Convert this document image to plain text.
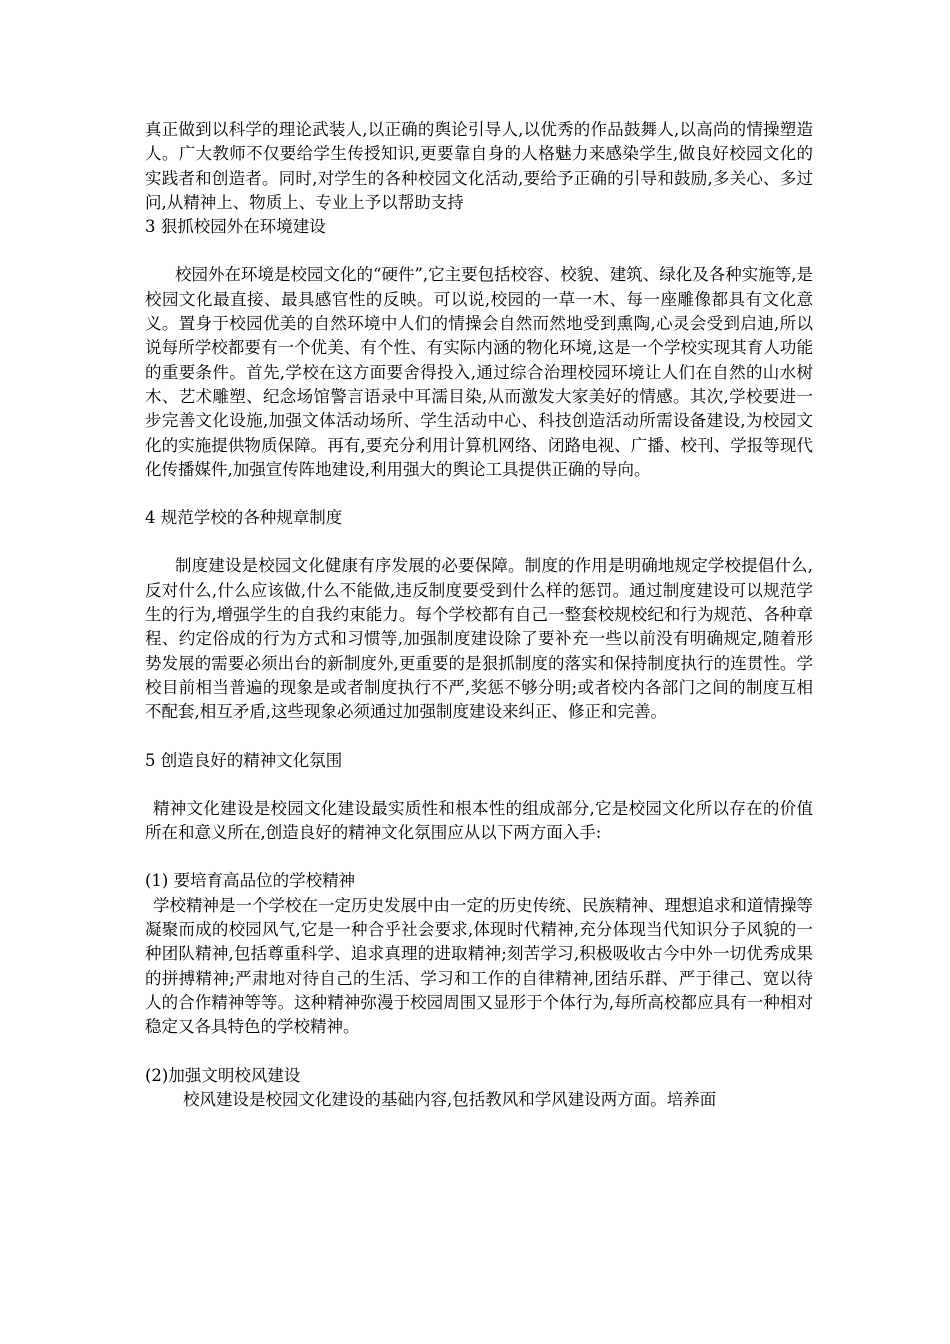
真正做到以科学的理论武装人,以正确的舆论引导人,以优秀的作品鼓舞人,以高尚的情操塑造人。广大教师不仅要给学生传授知识,更要靠自身的人格魅力来感染学生,做良好校园文化的实践者和创造者。同时,对学生的各种校园文化活动,要给予正确的引导和鼓励,多关心、多过问,从精神上、物质上、专业上予以帮助支持

3 狠抓校园外在环境建设

校园外在环境是校园文化的“硬件”,它主要包括校容、校貌、建筑、绿化及各种实施等,是校园文化最直接、最具感官性的反映。可以说,校园的一草一木、每一座雕像都具有文化意义。置身于校园优美的自然环境中人们的情操会自然而然地受到熏陶,心灵会受到启迪,所以说每所学校都要有一个优美、有个性、有实际内涵的物化环境,这是一个学校实现其育人功能的重要条件。首先,学校在这方面要舍得投入,通过综合治理校园环境让人们在自然的山水树木、艺术雕塑、纪念场馆警言语录中耳濡目染,从而激发大家美好的情感。其次,学校要进一步完善文化设施,加强文体活动场所、学生活动中心、科技创造活动所需设备建设,为校园文化的实施提供物质保障。再有,要充分利用计算机网络、闭路电视、广播、校刊、学报等现代化传播媒件,加强宣传阵地建设,利用强大的舆论工具提供正确的导向。

4 规范学校的各种规章制度

制度建设是校园文化健康有序发展的必要保障。制度的作用是明确地规定学校提倡什么,反对什么,什么应该做,什么不能做,违反制度要受到什么样的惩罚。通过制度建设可以规范学生的行为,增强学生的自我约束能力。每个学校都有自己一整套校规校纪和行为规范、各种章程、约定俗成的行为方式和习惯等,加强制度建设除了要补充一些以前没有明确规定,随着形势发展的需要必须出台的新制度外,更重要的是狠抓制度的落实和保持制度执行的连贯性。学校目前相当普遍的现象是或者制度执行不严,奖惩不够分明;或者校内各部门之间的制度互相不配套,相互矛盾,这些现象必须通过加强制度建设来纠正、修正和完善。

5 创造良好的精神文化氛围

精神文化建设是校园文化建设最实质性和根本性的组成部分,它是校园文化所以存在的价值所在和意义所在,创造良好的精神文化氛围应从以下两方面入手:

(1) 要培育高品位的学校精神

学校精神是一个学校在一定历史发展中由一定的历史传统、民族精神、理想追求和道情操等凝聚而成的校园风气,它是一种合乎社会要求,体现时代精神,充分体现当代知识分子风貌的一种团队精神,包括尊重科学、追求真理的进取精神;刻苦学习,积极吸收古今中外一切优秀成果的拼搏精神;严肃地对待自己的生活、学习和工作的自律精神,团结乐群、严于律己、宽以待人的合作精神等等。这种精神弥漫于校园周围又显形于个体行为,每所高校都应具有一种相对稳定又各具特色的学校精神。

(2)加强文明校风建设

校风建设是校园文化建设的基础内容,包括教风和学风建设两方面。培养面
